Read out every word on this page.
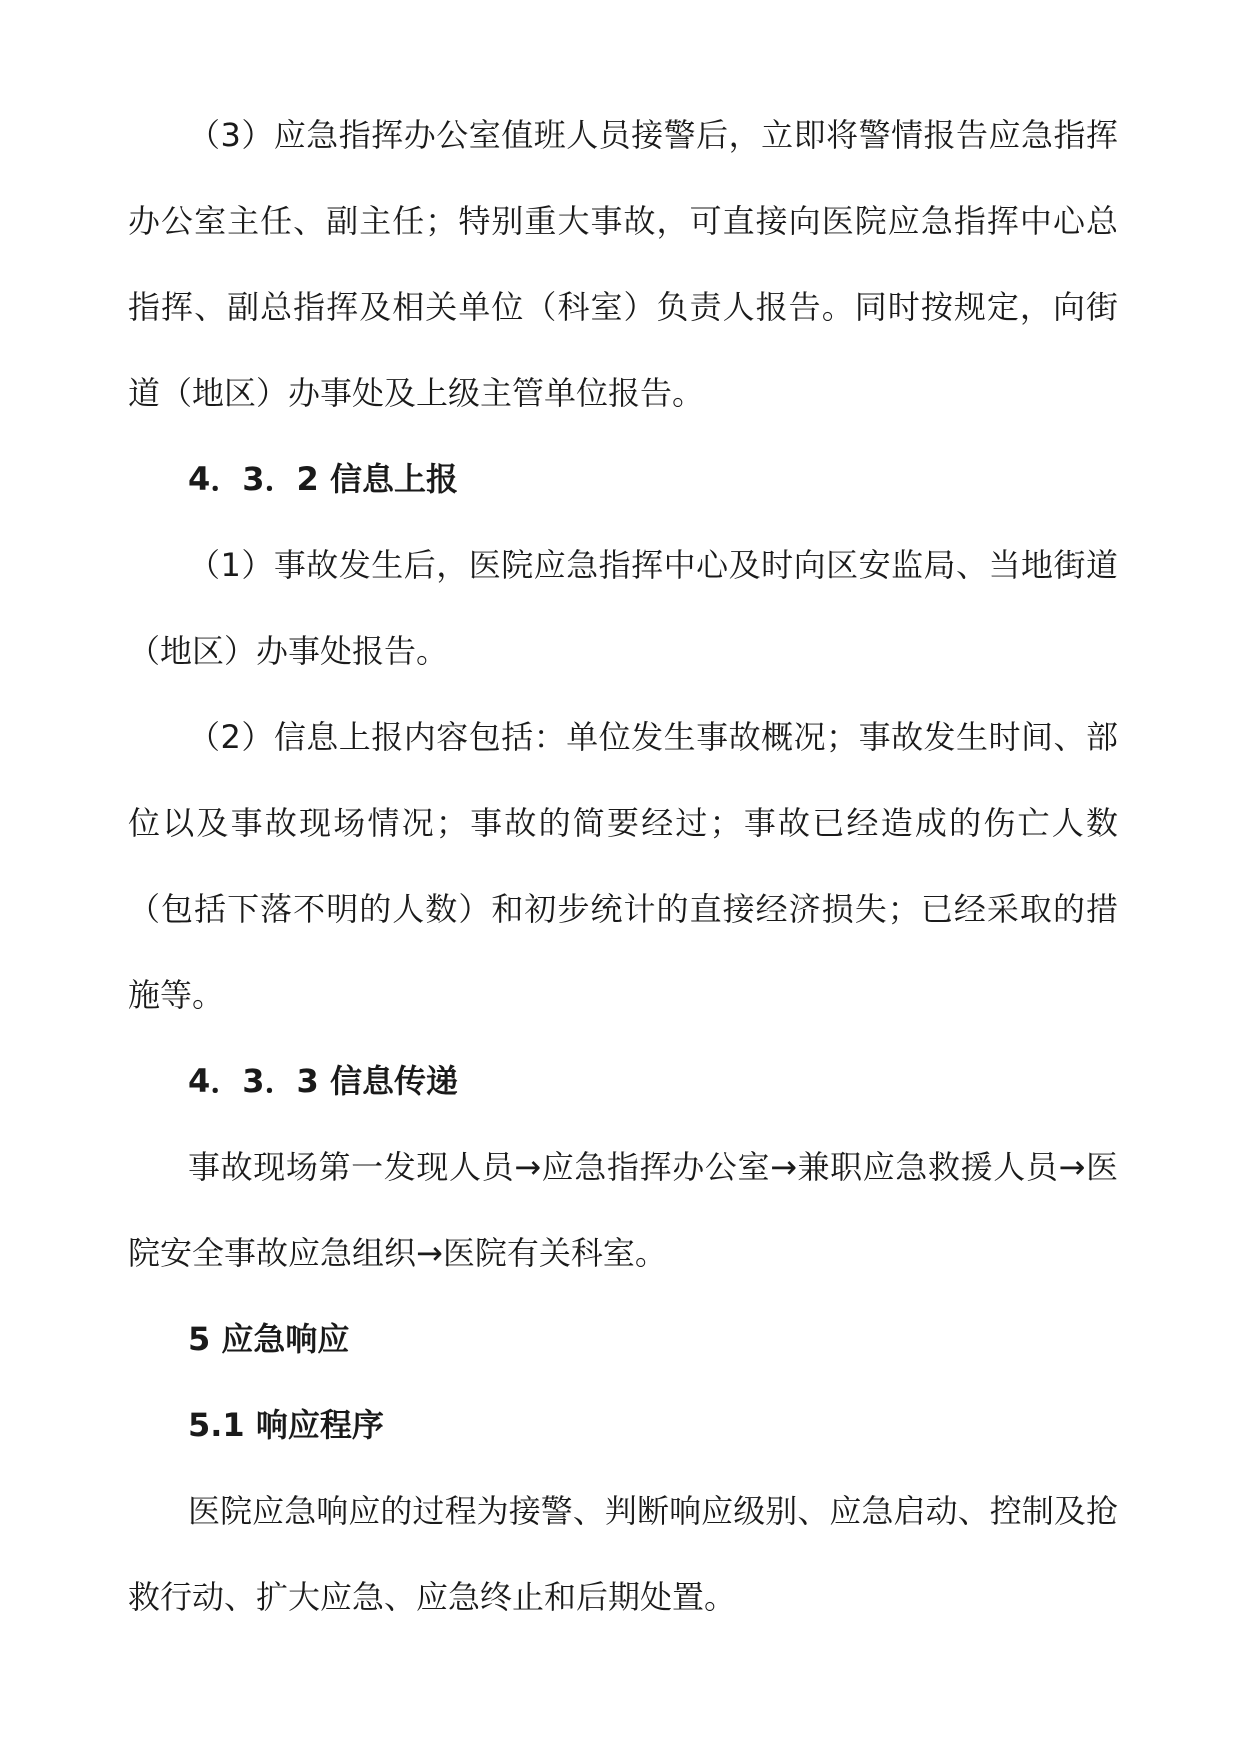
（3）应急指挥办公室值班人员接警后，立即将警情报告应急指挥办公室主任、副主任；特别重大事故，可直接向医院应急指挥中心总指挥、副总指挥及相关单位（科室）负责人报告。同时按规定，向街道（地区）办事处及上级主管单位报告。

4．3．2 信息上报

（1）事故发生后，医院应急指挥中心及时向区安监局、当地街道（地区）办事处报告。

（2）信息上报内容包括：单位发生事故概况；事故发生时间、部位以及事故现场情况；事故的简要经过；事故已经造成的伤亡人数（包括下落不明的人数）和初步统计的直接经济损失；已经采取的措施等。

4．3．3 信息传递

事故现场第一发现人员→应急指挥办公室→兼职应急救援人员→医院安全事故应急组织→医院有关科室。

5 应急响应

5.1 响应程序

医院应急响应的过程为接警、判断响应级别、应急启动、控制及抢救行动、扩大应急、应急终止和后期处置。
